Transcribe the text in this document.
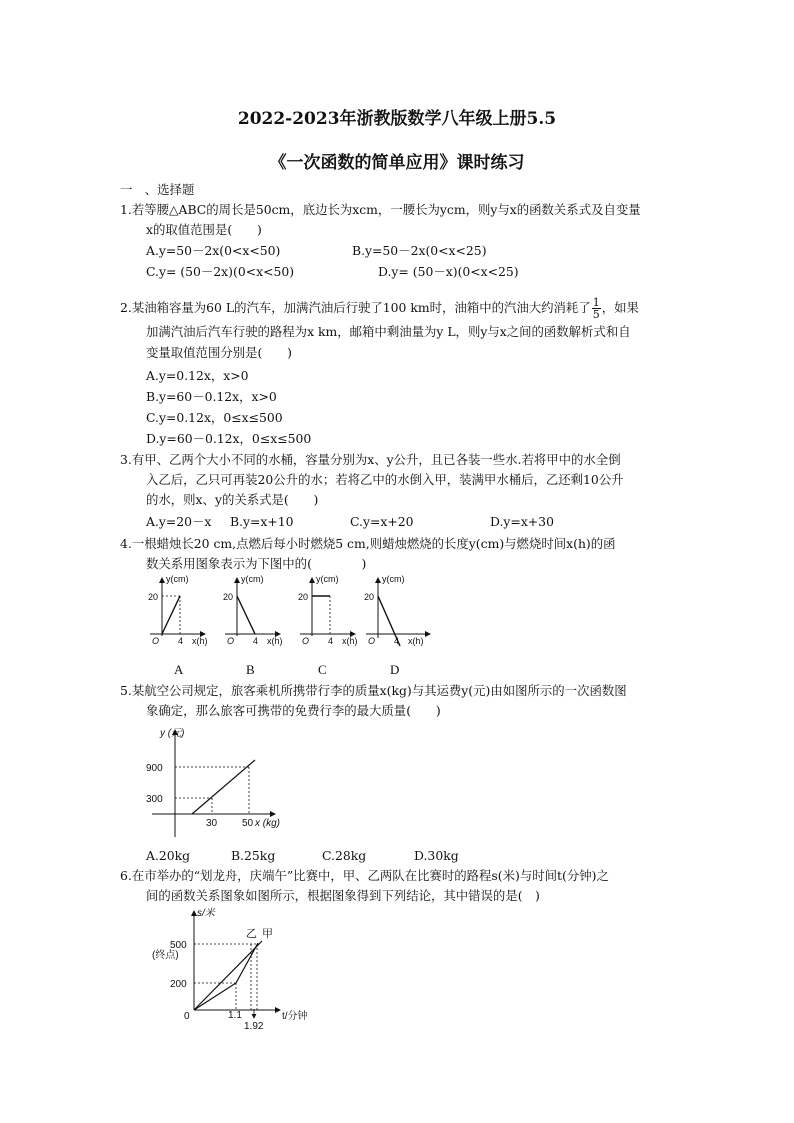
2022-2023年浙教版数学八年级上册5.5
《一次函数的简单应用》课时练习
一　、选择题
1.若等腰△ABC的周长是50cm，底边长为xcm，一腰长为ycm，则y与x的函数关系式及自变量
x的取值范围是(　　)
A.y=50－2x(0<x<50)	B.y=50－2x(0<x<25)
C.y= (50－2x)(0<x<50)	D.y= (50－x)(0<x<25)
2.某油箱容量为60 L的汽车，加满汽油后行驶了100 km时，油箱中的汽油大约消耗了 $\frac{1}{5}$ ，如果
加满汽油后汽车行驶的路程为x km，邮箱中剩油量为y L，则y与x之间的函数解析式和自
变量取值范围分别是(　　)
A.y=0.12x，x>0
B.y=60－0.12x，x>0
C.y=0.12x，0≤x≤500
D.y=60－0.12x，0≤x≤500
3.有甲、乙两个大小不同的水桶，容量分别为x、y公升，且已各装一些水.若将甲中的水全倒
入乙后，乙只可再装20公升的水；若将乙中的水倒入甲，装满甲水桶后，乙还剩10公升
的水，则x、y的关系式是(　　)
A.y=20－x B.y=x+10	C.y=x+20	D.y=x+30
4.一根蜡烛长20 cm,点燃后每小时燃烧5 cm,则蜡烛燃烧的长度y(cm)与燃烧时间x(h)的函
数关系用图象表示为下图中的(　　　　)
y(cm)
20
O 4 x(h)
y(cm)
20
O 4 x(h)
y(cm)
20
O 4 x(h)
y(cm)
20
O 4 x(h)
A	B	C	D
5.某航空公司规定，旅客乘机所携带行李的质量x(kg)与其运费y(元)由如图所示的一次函数图
象确定，那么旅客可携带的免费行李的最大质量(　　)
y (元)
900
300
30 50 x (kg)
A.20kg	B.25kg	C.28kg	D.30kg
6.在市举办的“划龙舟，庆端午”比赛中，甲、乙两队在比赛时的路程s(米)与时间t(分钟)之
间的函数关系图象如图所示，根据图象得到下列结论，其中错误的是(　)
s/米
500
(终点)
200
0	1.1
1.92
t/分钟
乙 甲
